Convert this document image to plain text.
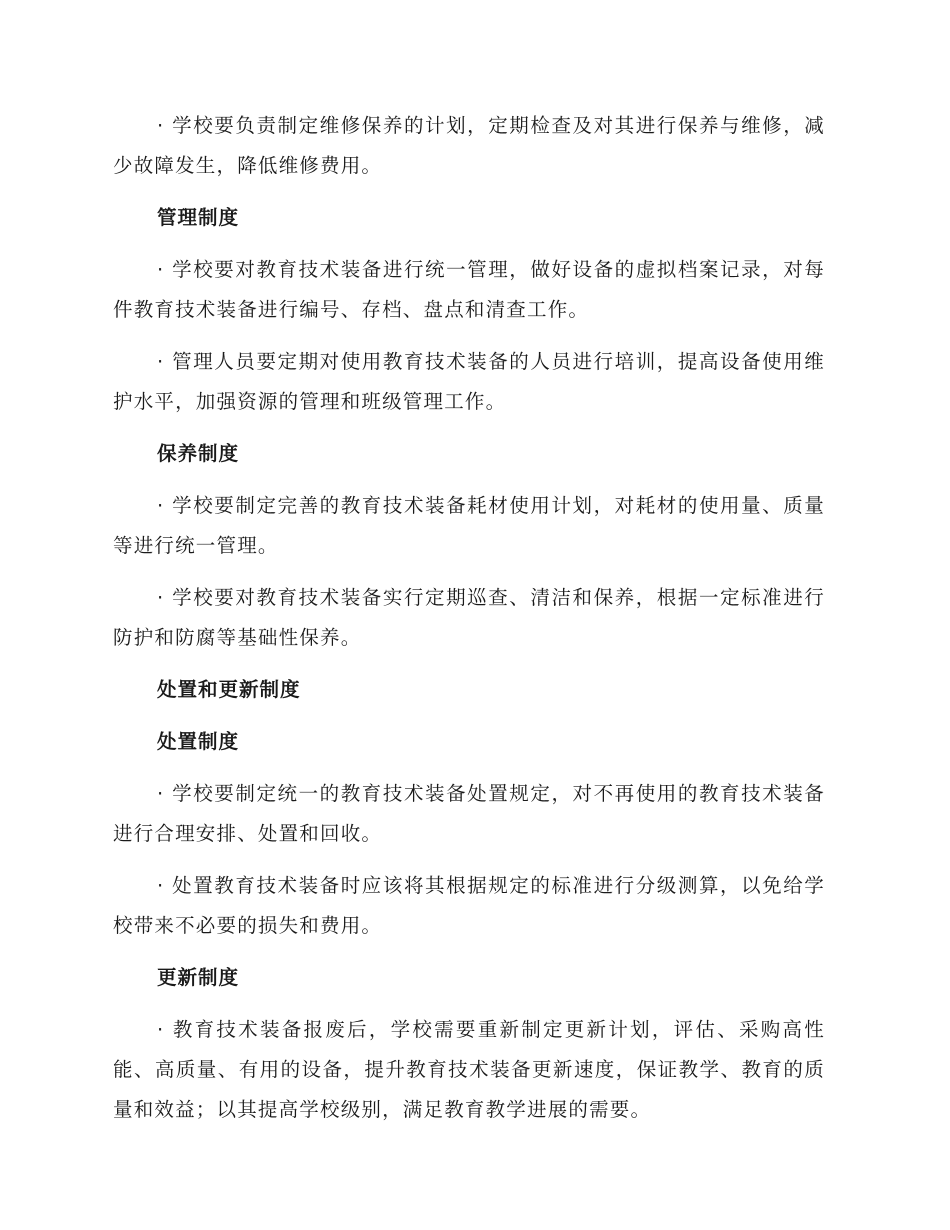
· 学校要负责制定维修保养的计划，定期检查及对其进行保养与维修，减少故障发生，降低维修费用。

管理制度

· 学校要对教育技术装备进行统一管理，做好设备的虚拟档案记录，对每件教育技术装备进行编号、存档、盘点和清查工作。

· 管理人员要定期对使用教育技术装备的人员进行培训，提高设备使用维护水平，加强资源的管理和班级管理工作。

保养制度

· 学校要制定完善的教育技术装备耗材使用计划，对耗材的使用量、质量等进行统一管理。

· 学校要对教育技术装备实行定期巡查、清洁和保养，根据一定标准进行防护和防腐等基础性保养。

处置和更新制度

处置制度

· 学校要制定统一的教育技术装备处置规定，对不再使用的教育技术装备进行合理安排、处置和回收。

· 处置教育技术装备时应该将其根据规定的标准进行分级测算，以免给学校带来不必要的损失和费用。

更新制度

· 教育技术装备报废后，学校需要重新制定更新计划，评估、采购高性能、高质量、有用的设备，提升教育技术装备更新速度，保证教学、教育的质量和效益；以其提高学校级别，满足教育教学进展的需要。
